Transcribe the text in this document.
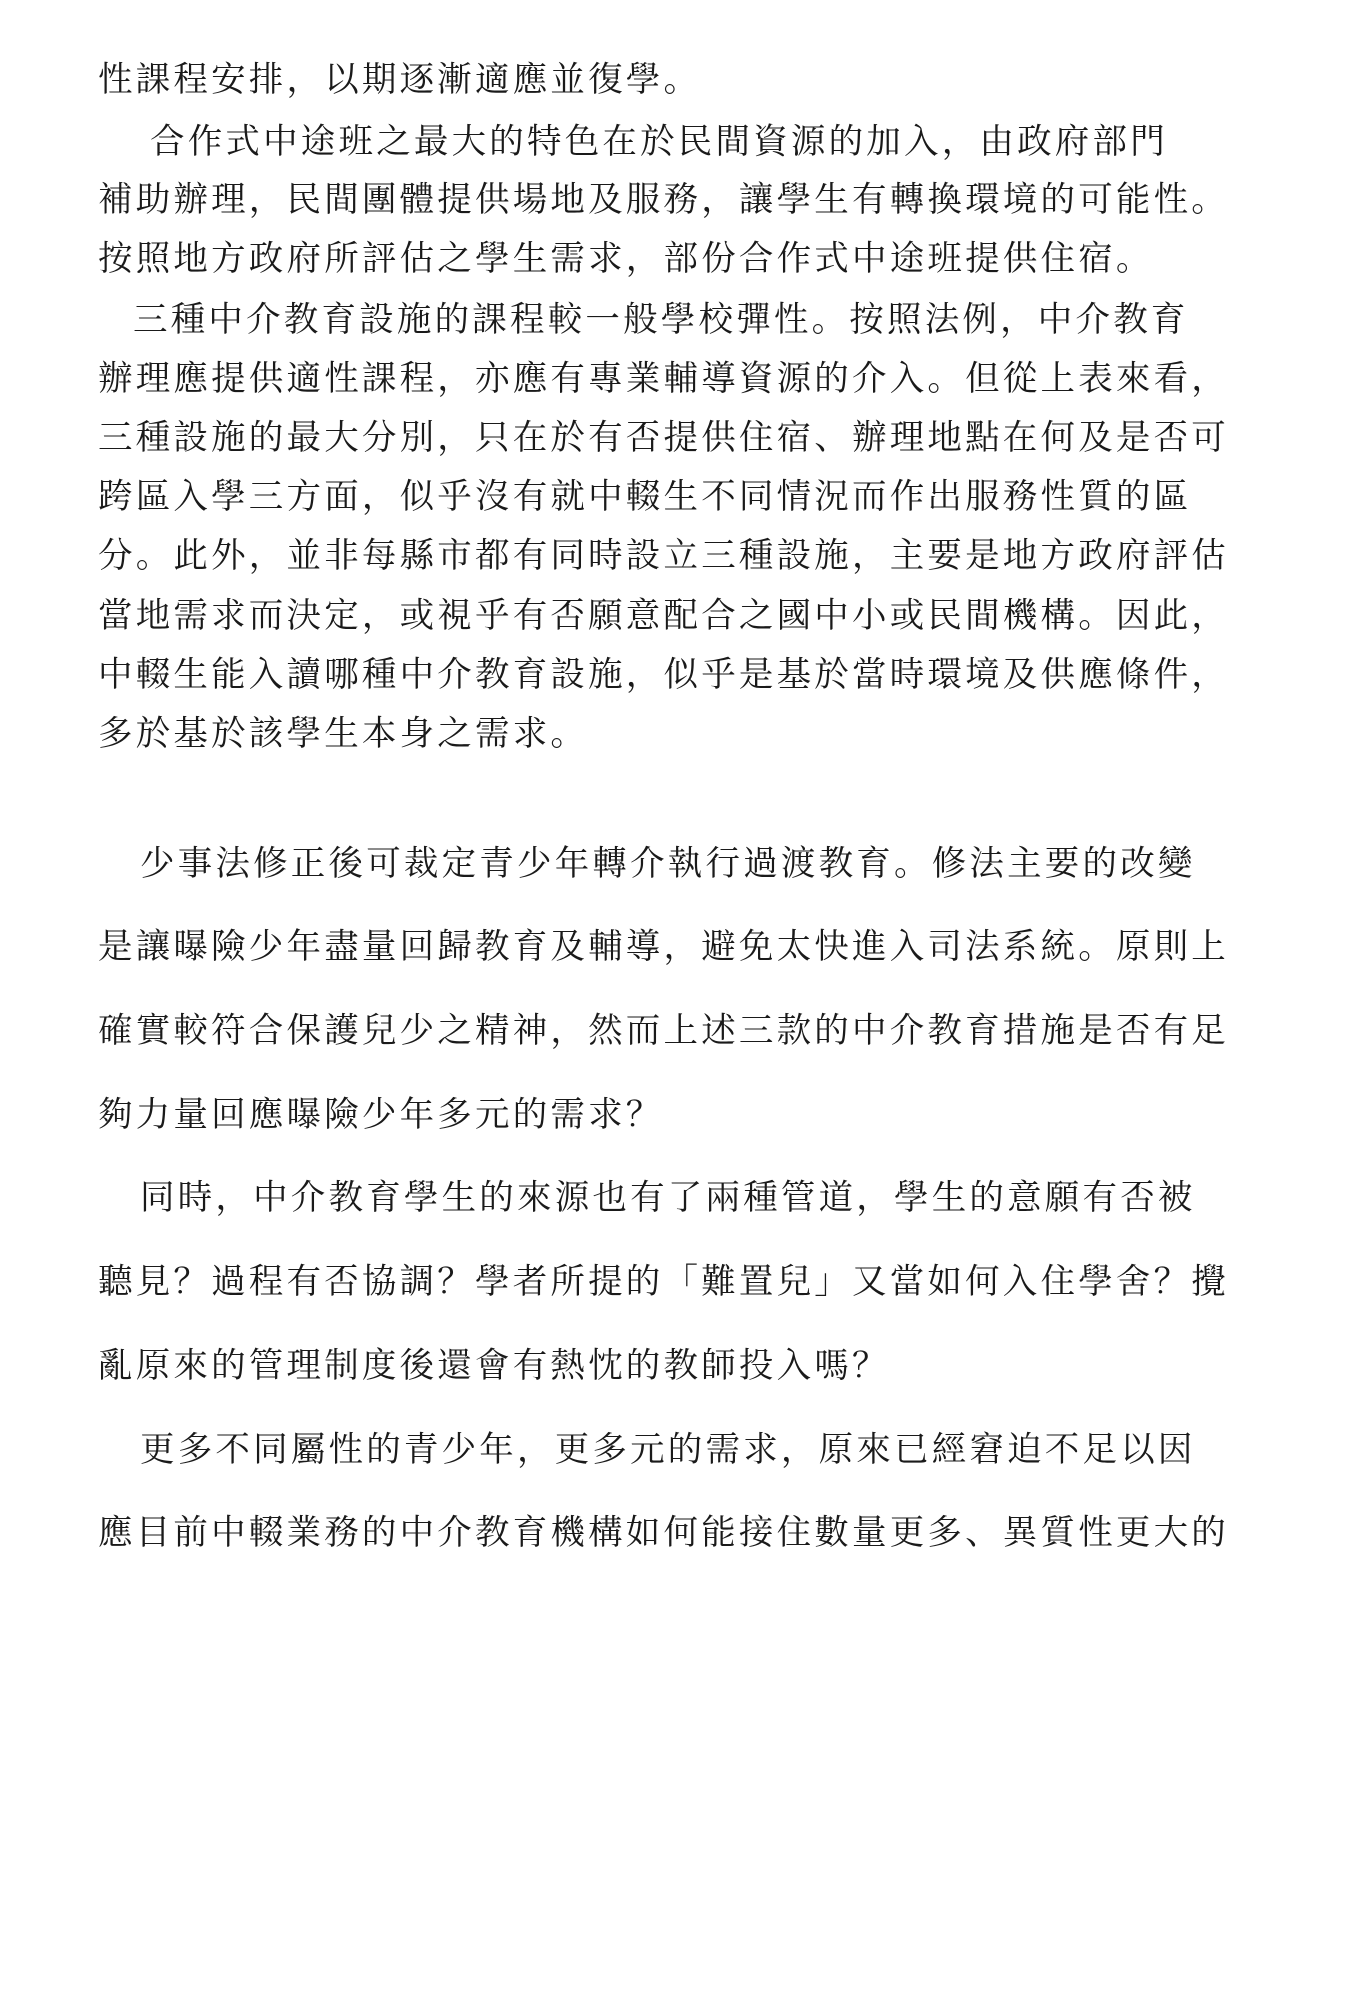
性課程安排，以期逐漸適應並復學。

合作式中途班之最大的特色在於民間資源的加入，由政府部門

補助辦理，民間團體提供場地及服務，讓學生有轉換環境的可能性。

按照地方政府所評估之學生需求，部份合作式中途班提供住宿。

三種中介教育設施的課程較一般學校彈性。按照法例，中介教育

辦理應提供適性課程，亦應有專業輔導資源的介入。但從上表來看，

三種設施的最大分別，只在於有否提供住宿、辦理地點在何及是否可

跨區入學三方面，似乎沒有就中輟生不同情況而作出服務性質的區

分。此外，並非每縣市都有同時設立三種設施，主要是地方政府評估

當地需求而決定，或視乎有否願意配合之國中小或民間機構。因此，

中輟生能入讀哪種中介教育設施，似乎是基於當時環境及供應條件，

多於基於該學生本身之需求。

少事法修正後可裁定青少年轉介執行過渡教育。修法主要的改變

是讓曝險少年盡量回歸教育及輔導，避免太快進入司法系統。原則上

確實較符合保護兒少之精神，然而上述三款的中介教育措施是否有足

夠力量回應曝險少年多元的需求？

同時，中介教育學生的來源也有了兩種管道，學生的意願有否被

聽見？過程有否協調？學者所提的「難置兒」又當如何入住學舍？攪

亂原來的管理制度後還會有熱忱的教師投入嗎？

更多不同屬性的青少年，更多元的需求，原來已經窘迫不足以因

應目前中輟業務的中介教育機構如何能接住數量更多、異質性更大的
